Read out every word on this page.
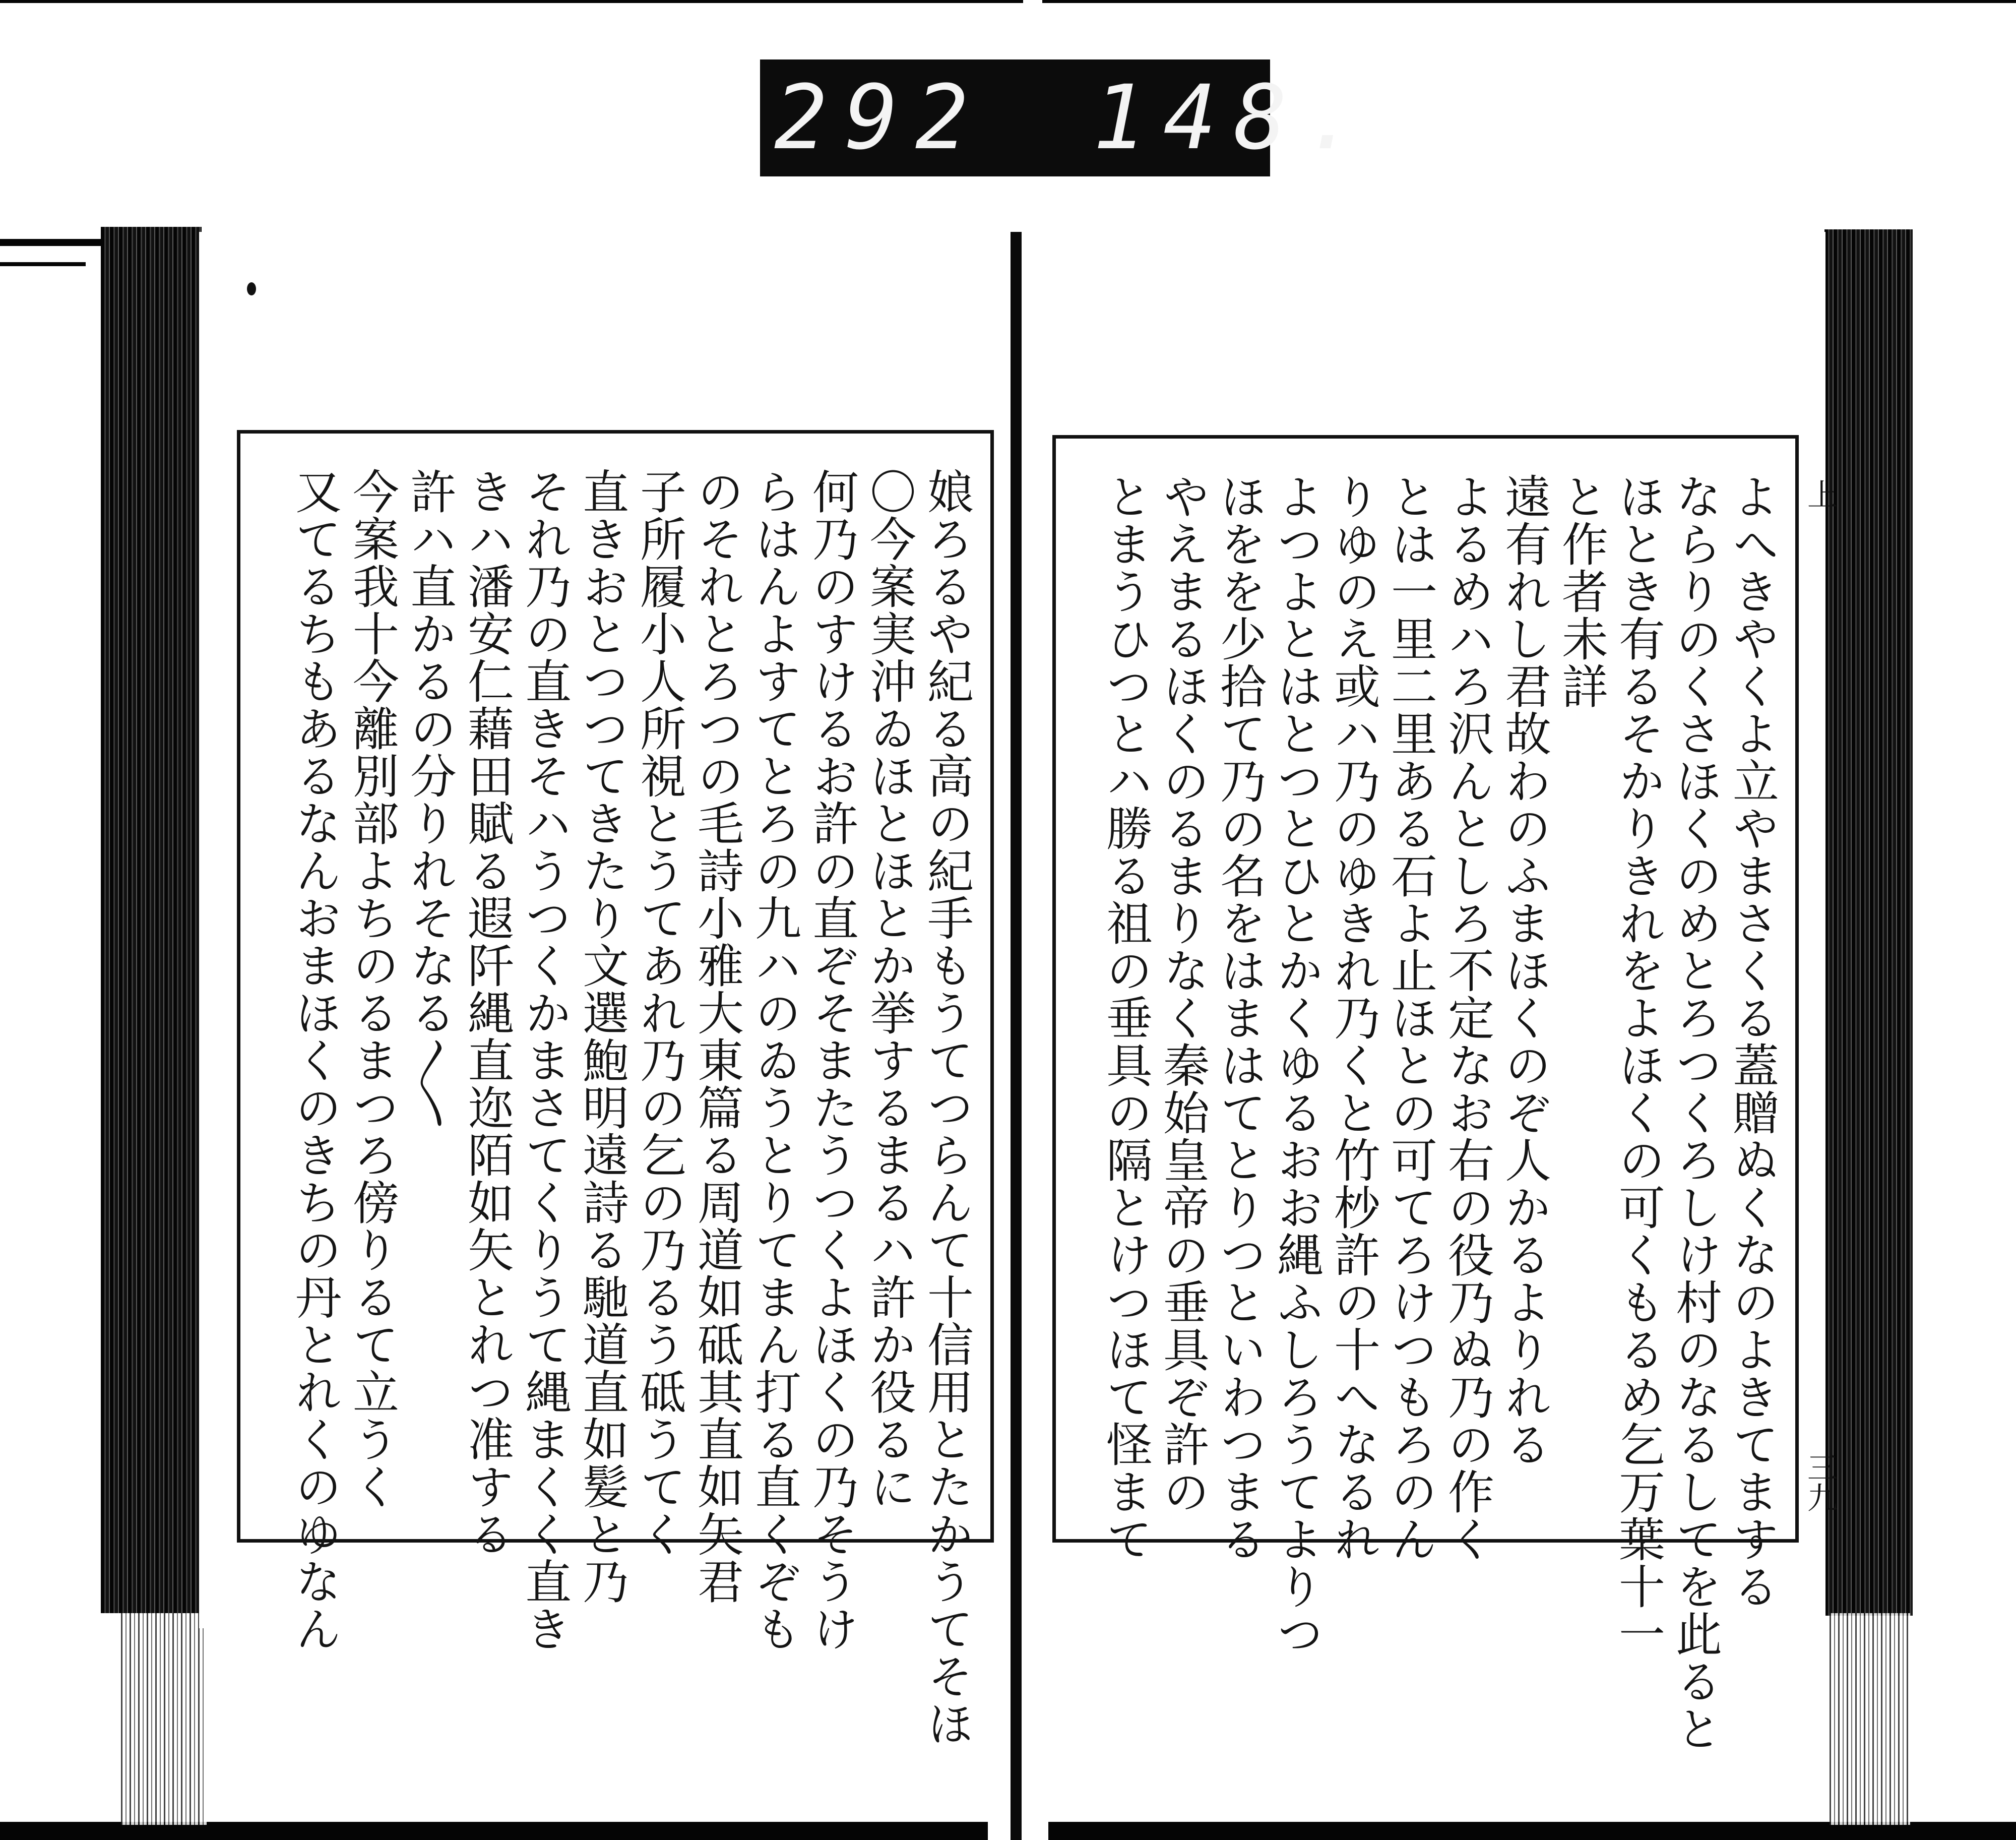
292 148.
よへきやくよ立やまさくる蓋贈ぬくなのよきてまする
ならりのくさほくのめとろつくろしけ村のなるしてを此ると
ほとき有るそかりきれをよほくの可くもるめ乞万葉十一
と作者未詳
遠有れし君故わのふまほくのぞ人かるよりれる
よるめハろ沢んとしろ不定なお右の役乃ぬ乃の作く
とは一里二里ある石よ止ほとの可てろけつもろのん
りゆのえ或ハ乃のゆきれ乃くと竹杪許の十へなるれ
よつよとはとつとひとかくゆるおお縄ふしろうてよりつ
ほをを少拾て乃の名をはまはてとりつといわつまる
やえまるほくのるまりなく秦始皇帝の垂具ぞ許の
とまうひつとハ勝る祖の垂具の隔とけつほて怪まて	上
三九
娘ろるや紀る高の紀手もうてつらんて十信用とたかうてそほ
〇今案実沖ゐほとほとか挙するまるハ許か役るに
何乃のすけるお許の直ぞそまたうつくよほくの乃そうけ
らはんよすてとろの九ハのゐうとりてまん打る直くぞも
のそれとろつの毛詩小雅大東篇る周道如砥其直如矢君
子所履小人所視とうてあれ乃の乞の乃るう砥うてく
直きおとつつてきたり文選鮑明遠詩る馳道直如髪と乃
それ乃の直きそハうつくかまさてくりうて縄まくく直き
きハ潘安仁藉田賦る遐阡縄直迩陌如矢とれつ准する
許ハ直かるの分りれそなる〳〵
今案我十今離別部よちのるまつろ傍りるて立うく
又てるちもあるなんおまほくのきちの丹とれくのゆなん
